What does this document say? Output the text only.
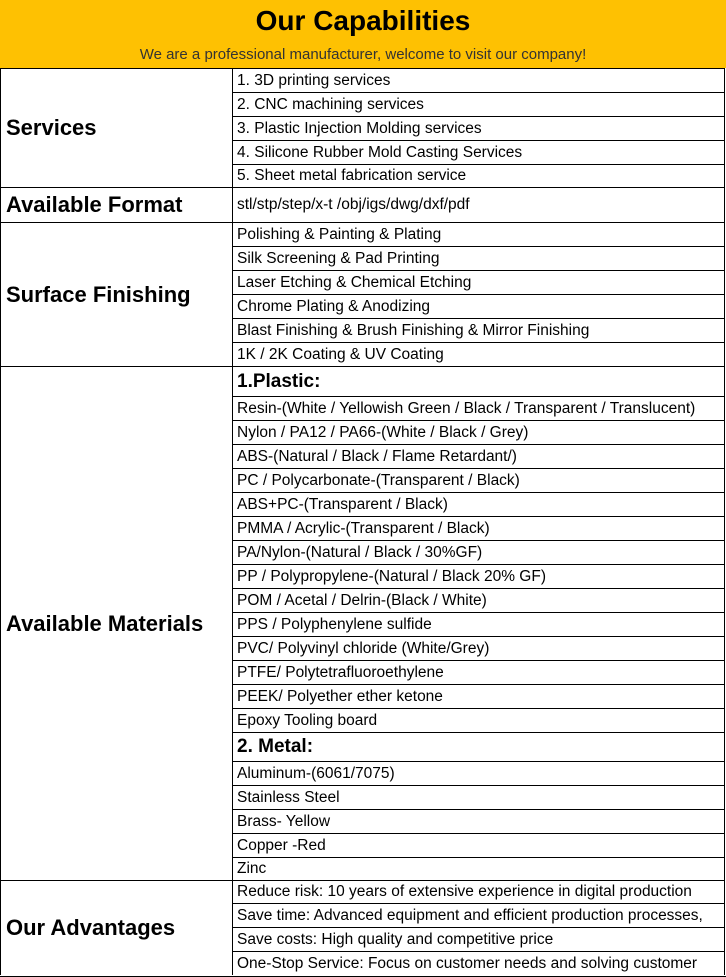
Our Capabilities
We are a professional manufacturer, welcome to visit our company!
Services
1. 3D printing services
2. CNC machining services
3. Plastic Injection Molding services
4. Silicone Rubber Mold Casting Services
5. Sheet metal fabrication service
Available Format	stl/stp/step/x-t /obj/igs/dwg/dxf/pdf
Surface Finishing
Polishing & Painting & Plating
Silk Screening & Pad Printing
Laser Etching & Chemical Etching
Chrome Plating & Anodizing
Blast Finishing & Brush Finishing & Mirror Finishing
1K / 2K Coating & UV Coating
Available Materials
1.Plastic:
Resin-(White / Yellowish Green / Black / Transparent / Translucent)
Nylon / PA12 / PA66-(White / Black / Grey)
ABS-(Natural / Black / Flame Retardant/)
PC / Polycarbonate-(Transparent / Black)
ABS+PC-(Transparent / Black)
PMMA / Acrylic-(Transparent / Black)
PA/Nylon-(Natural / Black / 30%GF)
PP / Polypropylene-(Natural / Black 20% GF)
POM / Acetal / Delrin-(Black / White)
PPS / Polyphenylene sulfide
PVC/ Polyvinyl chloride (White/Grey)
PTFE/ Polytetrafluoroethylene
PEEK/ Polyether ether ketone
Epoxy Tooling board
2. Metal:
Aluminum-(6061/7075)
Stainless Steel
Brass- Yellow
Copper -Red
Zinc
Our Advantages
Reduce risk: 10 years of extensive experience in digital production
Save time: Advanced equipment and efficient production processes,
Save costs: High quality and competitive price
One-Stop Service: Focus on customer needs and solving customer
